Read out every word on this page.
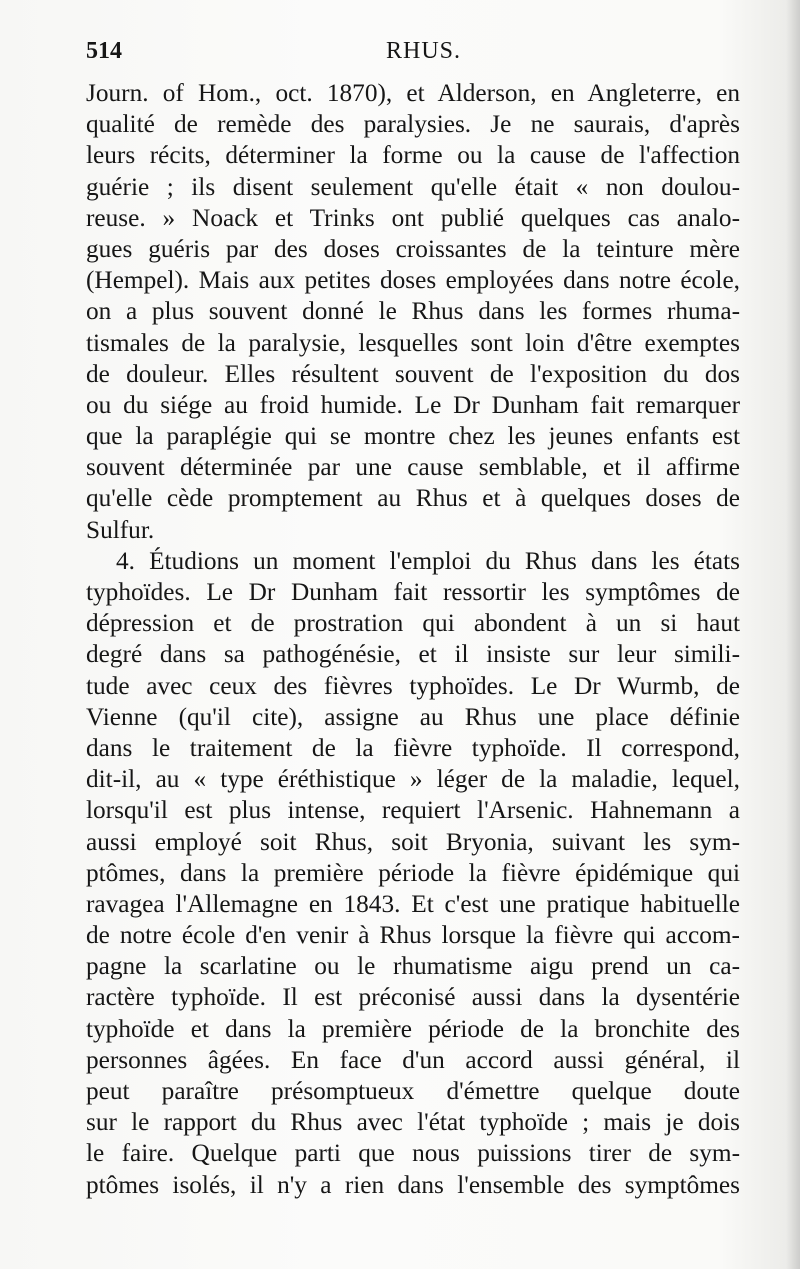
514	RHUS.
Journ. of Hom., oct. 1870), et Alderson, en Angleterre, en
qualité de remède des paralysies. Je ne saurais, d'après
leurs récits, déterminer la forme ou la cause de l'affection
guérie ; ils disent seulement qu'elle était « non doulou-
reuse. » Noack et Trinks ont publié quelques cas analo-
gues guéris par des doses croissantes de la teinture mère
(Hempel). Mais aux petites doses employées dans notre école,
on a plus souvent donné le Rhus dans les formes rhuma-
tismales de la paralysie, lesquelles sont loin d'être exemptes
de douleur. Elles résultent souvent de l'exposition du dos
ou du siége au froid humide. Le Dr Dunham fait remarquer
que la paraplégie qui se montre chez les jeunes enfants est
souvent déterminée par une cause semblable, et il affirme
qu'elle cède promptement au Rhus et à quelques doses de
Sulfur.
4. Étudions un moment l'emploi du Rhus dans les états
typhoïdes. Le Dr Dunham fait ressortir les symptômes de
dépression et de prostration qui abondent à un si haut
degré dans sa pathogénésie, et il insiste sur leur simili-
tude avec ceux des fièvres typhoïdes. Le Dr Wurmb, de
Vienne (qu'il cite), assigne au Rhus une place définie
dans le traitement de la fièvre typhoïde. Il correspond,
dit-il, au « type éréthistique » léger de la maladie, lequel,
lorsqu'il est plus intense, requiert l'Arsenic. Hahnemann a
aussi employé soit Rhus, soit Bryonia, suivant les sym-
ptômes, dans la première période la fièvre épidémique qui
ravagea l'Allemagne en 1843. Et c'est une pratique habituelle
de notre école d'en venir à Rhus lorsque la fièvre qui accom-
pagne la scarlatine ou le rhumatisme aigu prend un ca-
ractère typhoïde. Il est préconisé aussi dans la dysentérie
typhoïde et dans la première période de la bronchite des
personnes âgées. En face d'un accord aussi général, il
peut paraître présomptueux d'émettre quelque doute
sur le rapport du Rhus avec l'état typhoïde ; mais je dois
le faire. Quelque parti que nous puissions tirer de sym-
ptômes isolés, il n'y a rien dans l'ensemble des symptômes
